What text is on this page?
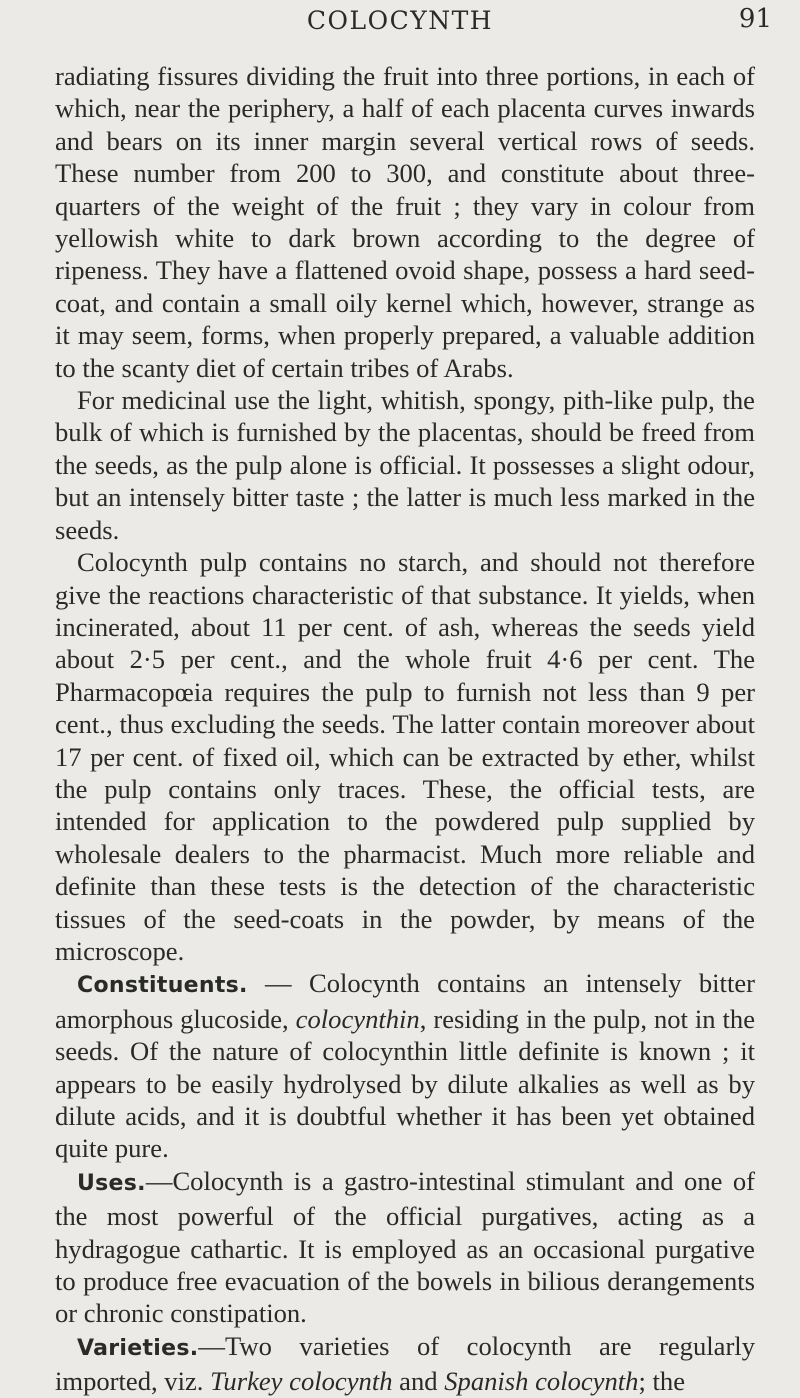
COLOCYNTH	91

radiating fissures dividing the fruit into three portions, in each of which, near the periphery, a half of each placenta curves inwards and bears on its inner margin several vertical rows of seeds. These number from 200 to 300, and constitute about three-quarters of the weight of the fruit ; they vary in colour from yellowish white to dark brown according to the degree of ripeness. They have a flattened ovoid shape, possess a hard seed-coat, and contain a small oily kernel which, however, strange as it may seem, forms, when properly prepared, a valuable addition to the scanty diet of certain tribes of Arabs.

For medicinal use the light, whitish, spongy, pith-like pulp, the bulk of which is furnished by the placentas, should be freed from the seeds, as the pulp alone is official. It possesses a slight odour, but an intensely bitter taste ; the latter is much less marked in the seeds.

Colocynth pulp contains no starch, and should not therefore give the reactions characteristic of that substance. It yields, when incinerated, about 11 per cent. of ash, whereas the seeds yield about 2·5 per cent., and the whole fruit 4·6 per cent. The Pharmacopœia requires the pulp to furnish not less than 9 per cent., thus excluding the seeds. The latter contain moreover about 17 per cent. of fixed oil, which can be extracted by ether, whilst the pulp contains only traces. These, the official tests, are intended for application to the powdered pulp supplied by wholesale dealers to the pharmacist. Much more reliable and definite than these tests is the detection of the characteristic tissues of the seed-coats in the powder, by means of the microscope.

Constituents. — Colocynth contains an intensely bitter amorphous glucoside, colocynthin, residing in the pulp, not in the seeds. Of the nature of colocynthin little definite is known ; it appears to be easily hydrolysed by dilute alkalies as well as by dilute acids, and it is doubtful whether it has been yet obtained quite pure.

Uses.—Colocynth is a gastro-intestinal stimulant and one of the most powerful of the official purgatives, acting as a hydragogue cathartic. It is employed as an occasional purgative to produce free evacuation of the bowels in bilious derangements or chronic constipation.

Varieties.—Two varieties of colocynth are regularly imported, viz. Turkey colocynth and Spanish colocynth; the
